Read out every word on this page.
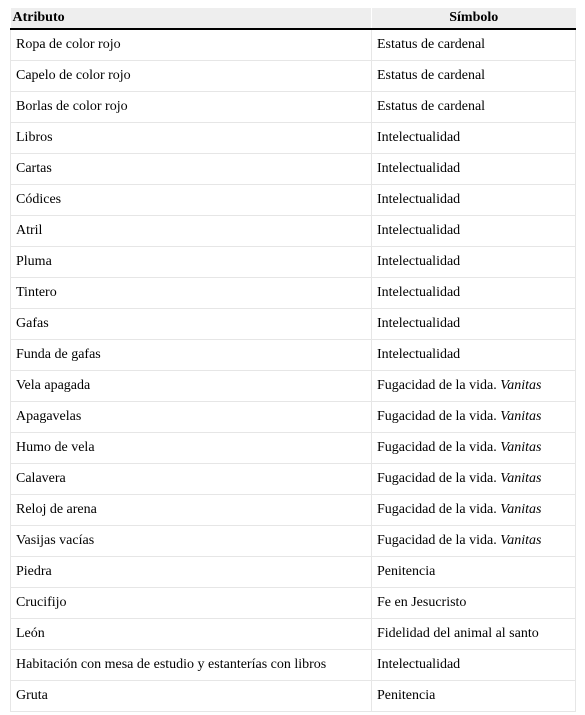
Atributo	Símbolo
Ropa de color rojo	Estatus de cardenal
Capelo de color rojo	Estatus de cardenal
Borlas de color rojo	Estatus de cardenal
Libros	Intelectualidad
Cartas	Intelectualidad
Códices	Intelectualidad
Atril	Intelectualidad
Pluma	Intelectualidad
Tintero	Intelectualidad
Gafas	Intelectualidad
Funda de gafas	Intelectualidad
Vela apagada	Fugacidad de la vida. Vanitas
Apagavelas	Fugacidad de la vida. Vanitas
Humo de vela	Fugacidad de la vida. Vanitas
Calavera	Fugacidad de la vida. Vanitas
Reloj de arena	Fugacidad de la vida. Vanitas
Vasijas vacías	Fugacidad de la vida. Vanitas
Piedra	Penitencia
Crucifijo	Fe en Jesucristo
León	Fidelidad del animal al santo
Habitación con mesa de estudio y estanterías con libros	Intelectualidad
Gruta	Penitencia
